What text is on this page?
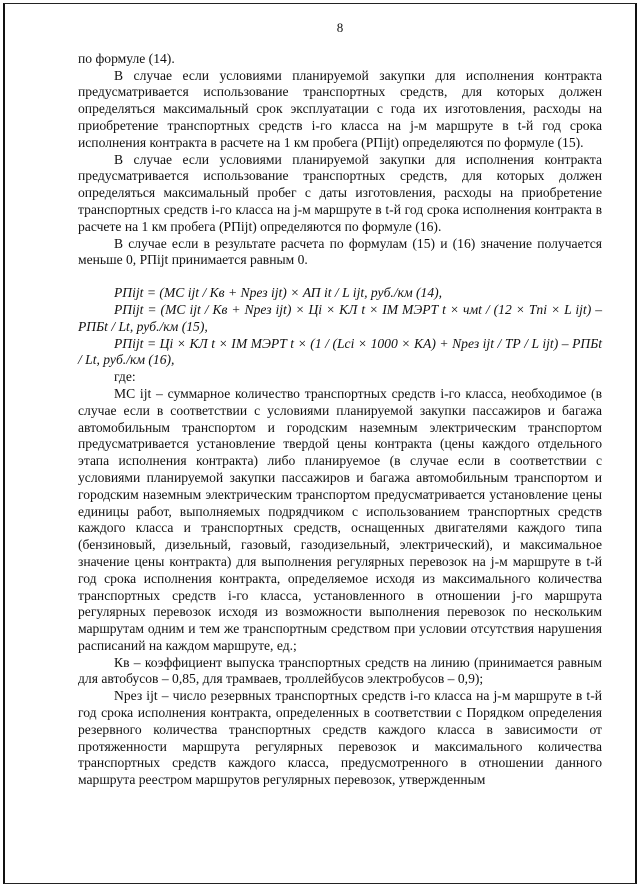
8

по формуле (14).

В случае если условиями планируемой закупки для исполнения контракта предусматривается использование транспортных средств, для которых должен определяться максимальный срок эксплуатации с года их изготовления, расходы на приобретение транспортных средств i-го класса на j-м маршруте в t-й год срока исполнения контракта в расчете на 1 км пробега (РПijt) определяются по формуле (15).

В случае если условиями планируемой закупки для исполнения контракта предусматривается использование транспортных средств, для которых должен определяться максимальный пробег с даты изготовления, расходы на приобретение транспортных средств i-го класса на j-м маршруте в t-й год срока исполнения контракта в расчете на 1 км пробега (РПijt) определяются по формуле (16).

В случае если в результате расчета по формулам (15) и (16) значение получается меньше 0, РПijt принимается равным 0.

РПijt = (МС ijt / Кв + Nрез ijt) × АП it / L ijt, руб./км (14),

РПijt = (МС ijt / Кв + Nрез ijt) × Цi × КЛ t × IМ МЭРТ t × чмt / (12 × Тni × L ijt) – РПБt / Lt, руб./км (15),

РПijt = Цi × КЛ t × IМ МЭРТ t × (1 / (Lci × 1000 × КА) + Nрез ijt / ТР / L ijt) – РПБt / Lt, руб./км (16),

где:

МС ijt – суммарное количество транспортных средств i-го класса, необходимое (в случае если в соответствии с условиями планируемой закупки пассажиров и багажа автомобильным транспортом и городским наземным электрическим транспортом предусматривается установление твердой цены контракта (цены каждого отдельного этапа исполнения контракта) либо планируемое (в случае если в соответствии с условиями планируемой закупки пассажиров и багажа автомобильным транспортом и городским наземным электрическим транспортом предусматривается установление цены единицы работ, выполняемых подрядчиком с использованием транспортных средств каждого класса и транспортных средств, оснащенных двигателями каждого типа (бензиновый, дизельный, газовый, газодизельный, электрический), и максимальное значение цены контракта) для выполнения регулярных перевозок на j-м маршруте в t-й год срока исполнения контракта, определяемое исходя из максимального количества транспортных средств i-го класса, установленного в отношении j-го маршрута регулярных перевозок исходя из возможности выполнения перевозок по нескольким маршрутам одним и тем же транспортным средством при условии отсутствия нарушения расписаний на каждом маршруте, ед.;

Кв – коэффициент выпуска транспортных средств на линию (принимается равным для автобусов – 0,85, для трамваев, троллейбусов электробусов – 0,9);

Nрез ijt – число резервных транспортных средств i-го класса на j-м маршруте в t-й год срока исполнения контракта, определенных в соответствии с Порядком определения резервного количества транспортных средств каждого класса в зависимости от протяженности маршрута регулярных перевозок и максимального количества транспортных средств каждого класса, предусмотренного в отношении данного маршрута реестром маршрутов регулярных перевозок, утвержденным
